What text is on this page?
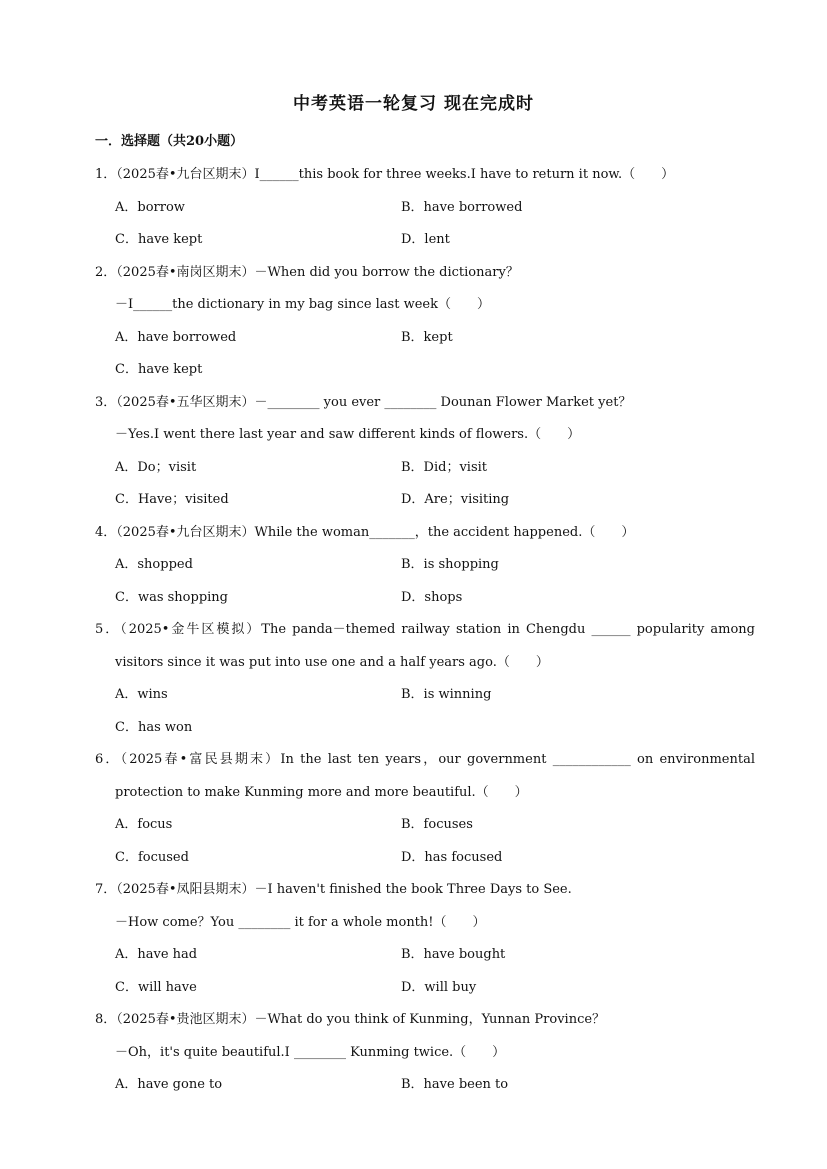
中考英语一轮复习 现在完成时
一．选择题（共20小题）
1．（2025春•九台区期末）I______this book for three weeks.I have to return it now.（　　）
A．borrow	B．have borrowed
C．have kept	D．lent
2．（2025春•南岗区期末）－When did you borrow the dictionary？
－I______the dictionary in my bag since last week（　　）
A．have borrowed	B．kept
C．have kept
3．（2025春•五华区期末）－________ you ever ________ Dounan Flower Market yet？
－Yes.I went there last year and saw different kinds of flowers.（　　）
A．Do；visit	B．Did；visit
C．Have；visited	D．Are；visiting
4．（2025春•九台区期末）While the woman_______，the accident happened.（　　）
A．shopped	B．is shopping
C．was shopping	D．shops
5．（2025•金牛区模拟）The panda－themed railway station in Chengdu ______ popularity among
visitors since it was put into use one and a half years ago.（　　）
A．wins	B．is winning
C．has won
6．（2025春•富民县期末）In the last ten years，our government ____________ on environmental
protection to make Kunming more and more beautiful.（　　）
A．focus	B．focuses
C．focused	D．has focused
7．（2025春•凤阳县期末）－I haven't finished the book Three Days to See.
－How come？You ________ it for a whole month!（　　）
A．have had	B．have bought
C．will have	D．will buy
8．（2025春•贵池区期末）－What do you think of Kunming，Yunnan Province？
－Oh，it's quite beautiful.I ________ Kunming twice.（　　）
A．have gone to	B．have been to
